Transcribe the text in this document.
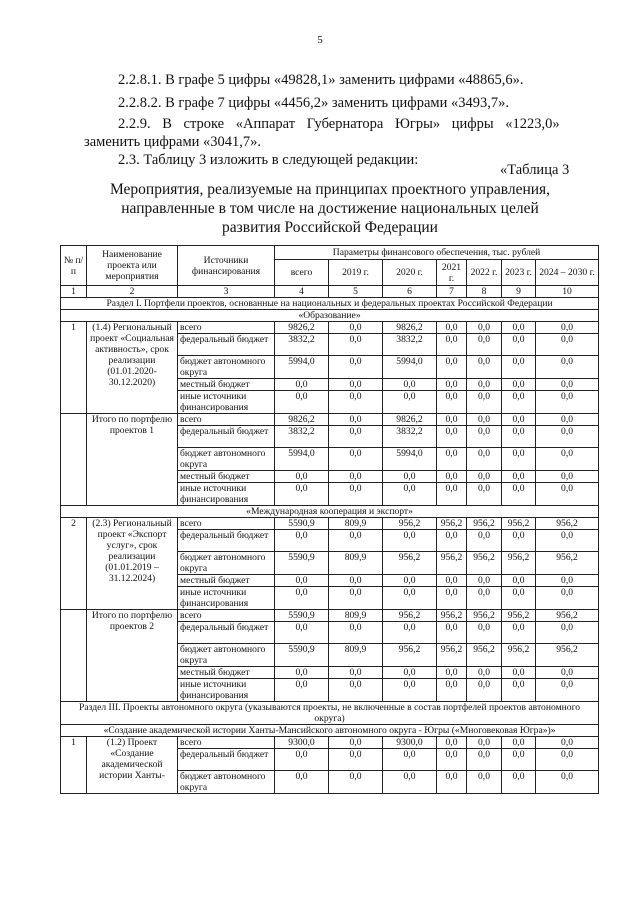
5
2.2.8.1. В графе 5 цифры «49828,1» заменить цифрами «48865,6».
2.2.8.2. В графе 7 цифры «4456,2» заменить цифрами «3493,7».
2.2.9. В строке «Аппарат Губернатора Югры» цифры «1223,0»
заменить цифрами «3041,7».
2.3. Таблицу 3 изложить в следующей редакции:
«Таблица 3
Мероприятия, реализуемые на принципах проектного управления,
направленные в том числе на достижение национальных целей
развития Российской Федерации
№ п/п	Наименование проекта или мероприятия	Источники финансирования	Параметры финансового обеспечения, тыс. рублей						
			всего	2019 г.	2020 г.	2021 г.	2022 г.	2023 г.	2024 – 2030 г.
1	2	3	4	5	6	7	8	9	10
Раздел I. Портфели проектов, основанные на национальных и федеральных проектах Российской Федерации									
«Образование»									
1	(1.4) Региональный проект «Социальная активность», срок реализации (01.01.2020-30.12.2020)	всего	9826,2	0,0	9826,2	0,0	0,0	0,0	0,0
		федеральный бюджет	3832,2	0,0	3832,2	0,0	0,0	0,0	0,0
		бюджет автономного округа	5994,0	0,0	5994,0	0,0	0,0	0,0	0,0
		местный бюджет	0,0	0,0	0,0	0,0	0,0	0,0	0,0
		иные источники финансирования	0,0	0,0	0,0	0,0	0,0	0,0	0,0
	Итого по портфелю проектов 1	всего	9826,2	0,0	9826,2	0,0	0,0	0,0	0,0
		федеральный бюджет	3832,2	0,0	3832,2	0,0	0,0	0,0	0,0
		бюджет автономного округа	5994,0	0,0	5994,0	0,0	0,0	0,0	0,0
		местный бюджет	0,0	0,0	0,0	0,0	0,0	0,0	0,0
		иные источники финансирования	0,0	0,0	0,0	0,0	0,0	0,0	0,0
«Международная кооперация и экспорт»									
2	(2.3) Региональный проект «Экспорт услуг», срок реализации (01.01.2019 – 31.12.2024)	всего	5590,9	809,9	956,2	956,2	956,2	956,2	956,2
		федеральный бюджет	0,0	0,0	0,0	0,0	0,0	0,0	0,0
		бюджет автономного округа	5590,9	809,9	956,2	956,2	956,2	956,2	956,2
		местный бюджет	0,0	0,0	0,0	0,0	0,0	0,0	0,0
		иные источники финансирования	0,0	0,0	0,0	0,0	0,0	0,0	0,0
	Итого по портфелю проектов 2	всего	5590,9	809,9	956,2	956,2	956,2	956,2	956,2
		федеральный бюджет	0,0	0,0	0,0	0,0	0,0	0,0	0,0
		бюджет автономного округа	5590,9	809,9	956,2	956,2	956,2	956,2	956,2
		местный бюджет	0,0	0,0	0,0	0,0	0,0	0,0	0,0
		иные источники финансирования	0,0	0,0	0,0	0,0	0,0	0,0	0,0
Раздел III. Проекты автономного округа (указываются проекты, не включенные в состав портфелей проектов автономного округа)									
«Создание академической истории Ханты-Мансийского автономного округа - Югры («Многовековая Югра»)»									
1	(1.2) Проект «Создание академической истории Ханты-	всего	9300,0	0,0	9300,0	0,0	0,0	0,0	0,0
		федеральный бюджет	0,0	0,0	0,0	0,0	0,0	0,0	0,0
		бюджет автономного округа	0,0	0,0	0,0	0,0	0,0	0,0	0,0
